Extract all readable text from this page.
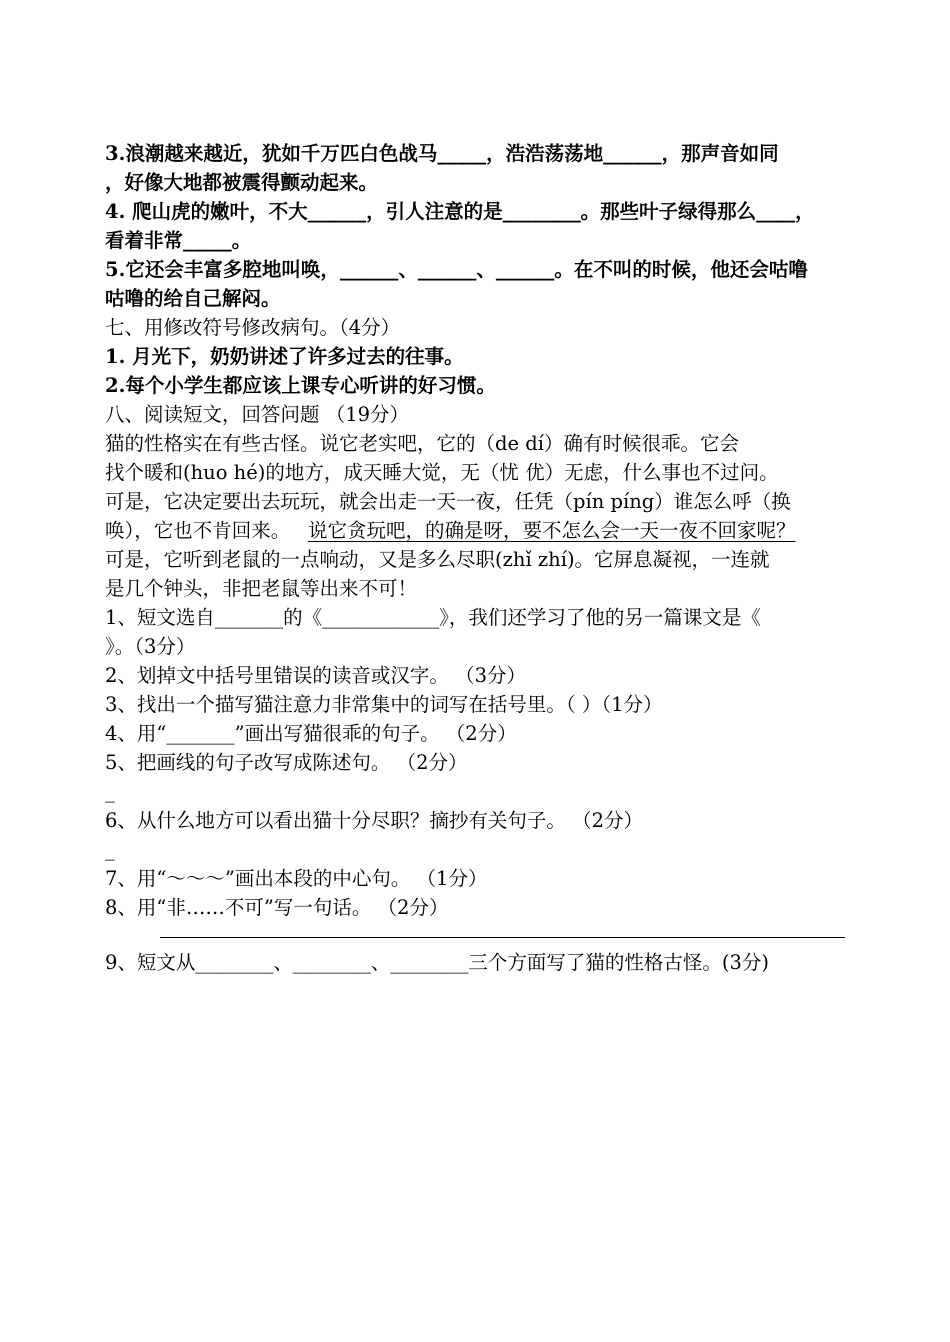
3.浪潮越来越近，犹如千万匹白色战马_____，浩浩荡荡地______，那声音如同
，好像大地都被震得颤动起来。
4. 爬山虎的嫩叶，不大______，引人注意的是________。那些叶子绿得那么____，
看着非常_____。
5.它还会丰富多腔地叫唤，______、______、______。在不叫的时候，他还会咕噜
咕噜的给自己解闷。
七、用修改符号修改病句。（4分）
1. 月光下，奶奶讲述了许多过去的往事。
2.每个小学生都应该上课专心听讲的好习惯。
八、阅读短文，回答问题 （19分）
猫的性格实在有些古怪。说它老实吧，它的（de dí）确有时候很乖。它会
找个暖和(huo hé)的地方，成天睡大觉，无（忧 优）无虑，什么事也不过问。
可是，它决定要出去玩玩，就会出走一天一夜，任凭（pín píng）谁怎么呼（换
唤），它也不肯回来。
可是，它听到老鼠的一点响动，又是多么尽职(zhǐ zhí)。它屏息凝视，一连就
是几个钟头，非把老鼠等出来不可！
1、短文选自_______的《____________》，我们还学习了他的另一篇课文是《
》。（3分）
2、划掉文中括号里错误的读音或汉字。 （3分）
3、找出一个描写猫注意力非常集中的词写在括号里。（ ）（1分）
4、用“_______”画出写猫很乖的句子。 （2分）
5、把画线的句子改写成陈述句。 （2分）
_
6、从什么地方可以看出猫十分尽职？摘抄有关句子。 （2分）
_
7、用“～～～”画出本段的中心句。 （1分）
8、用“非……不可”写一句话。 （2分）
9、短文从________、________、________三个方面写了猫的性格古怪。(3分)
说它贪玩吧，的确是呀，要不怎么会一天一夜不回家呢？
